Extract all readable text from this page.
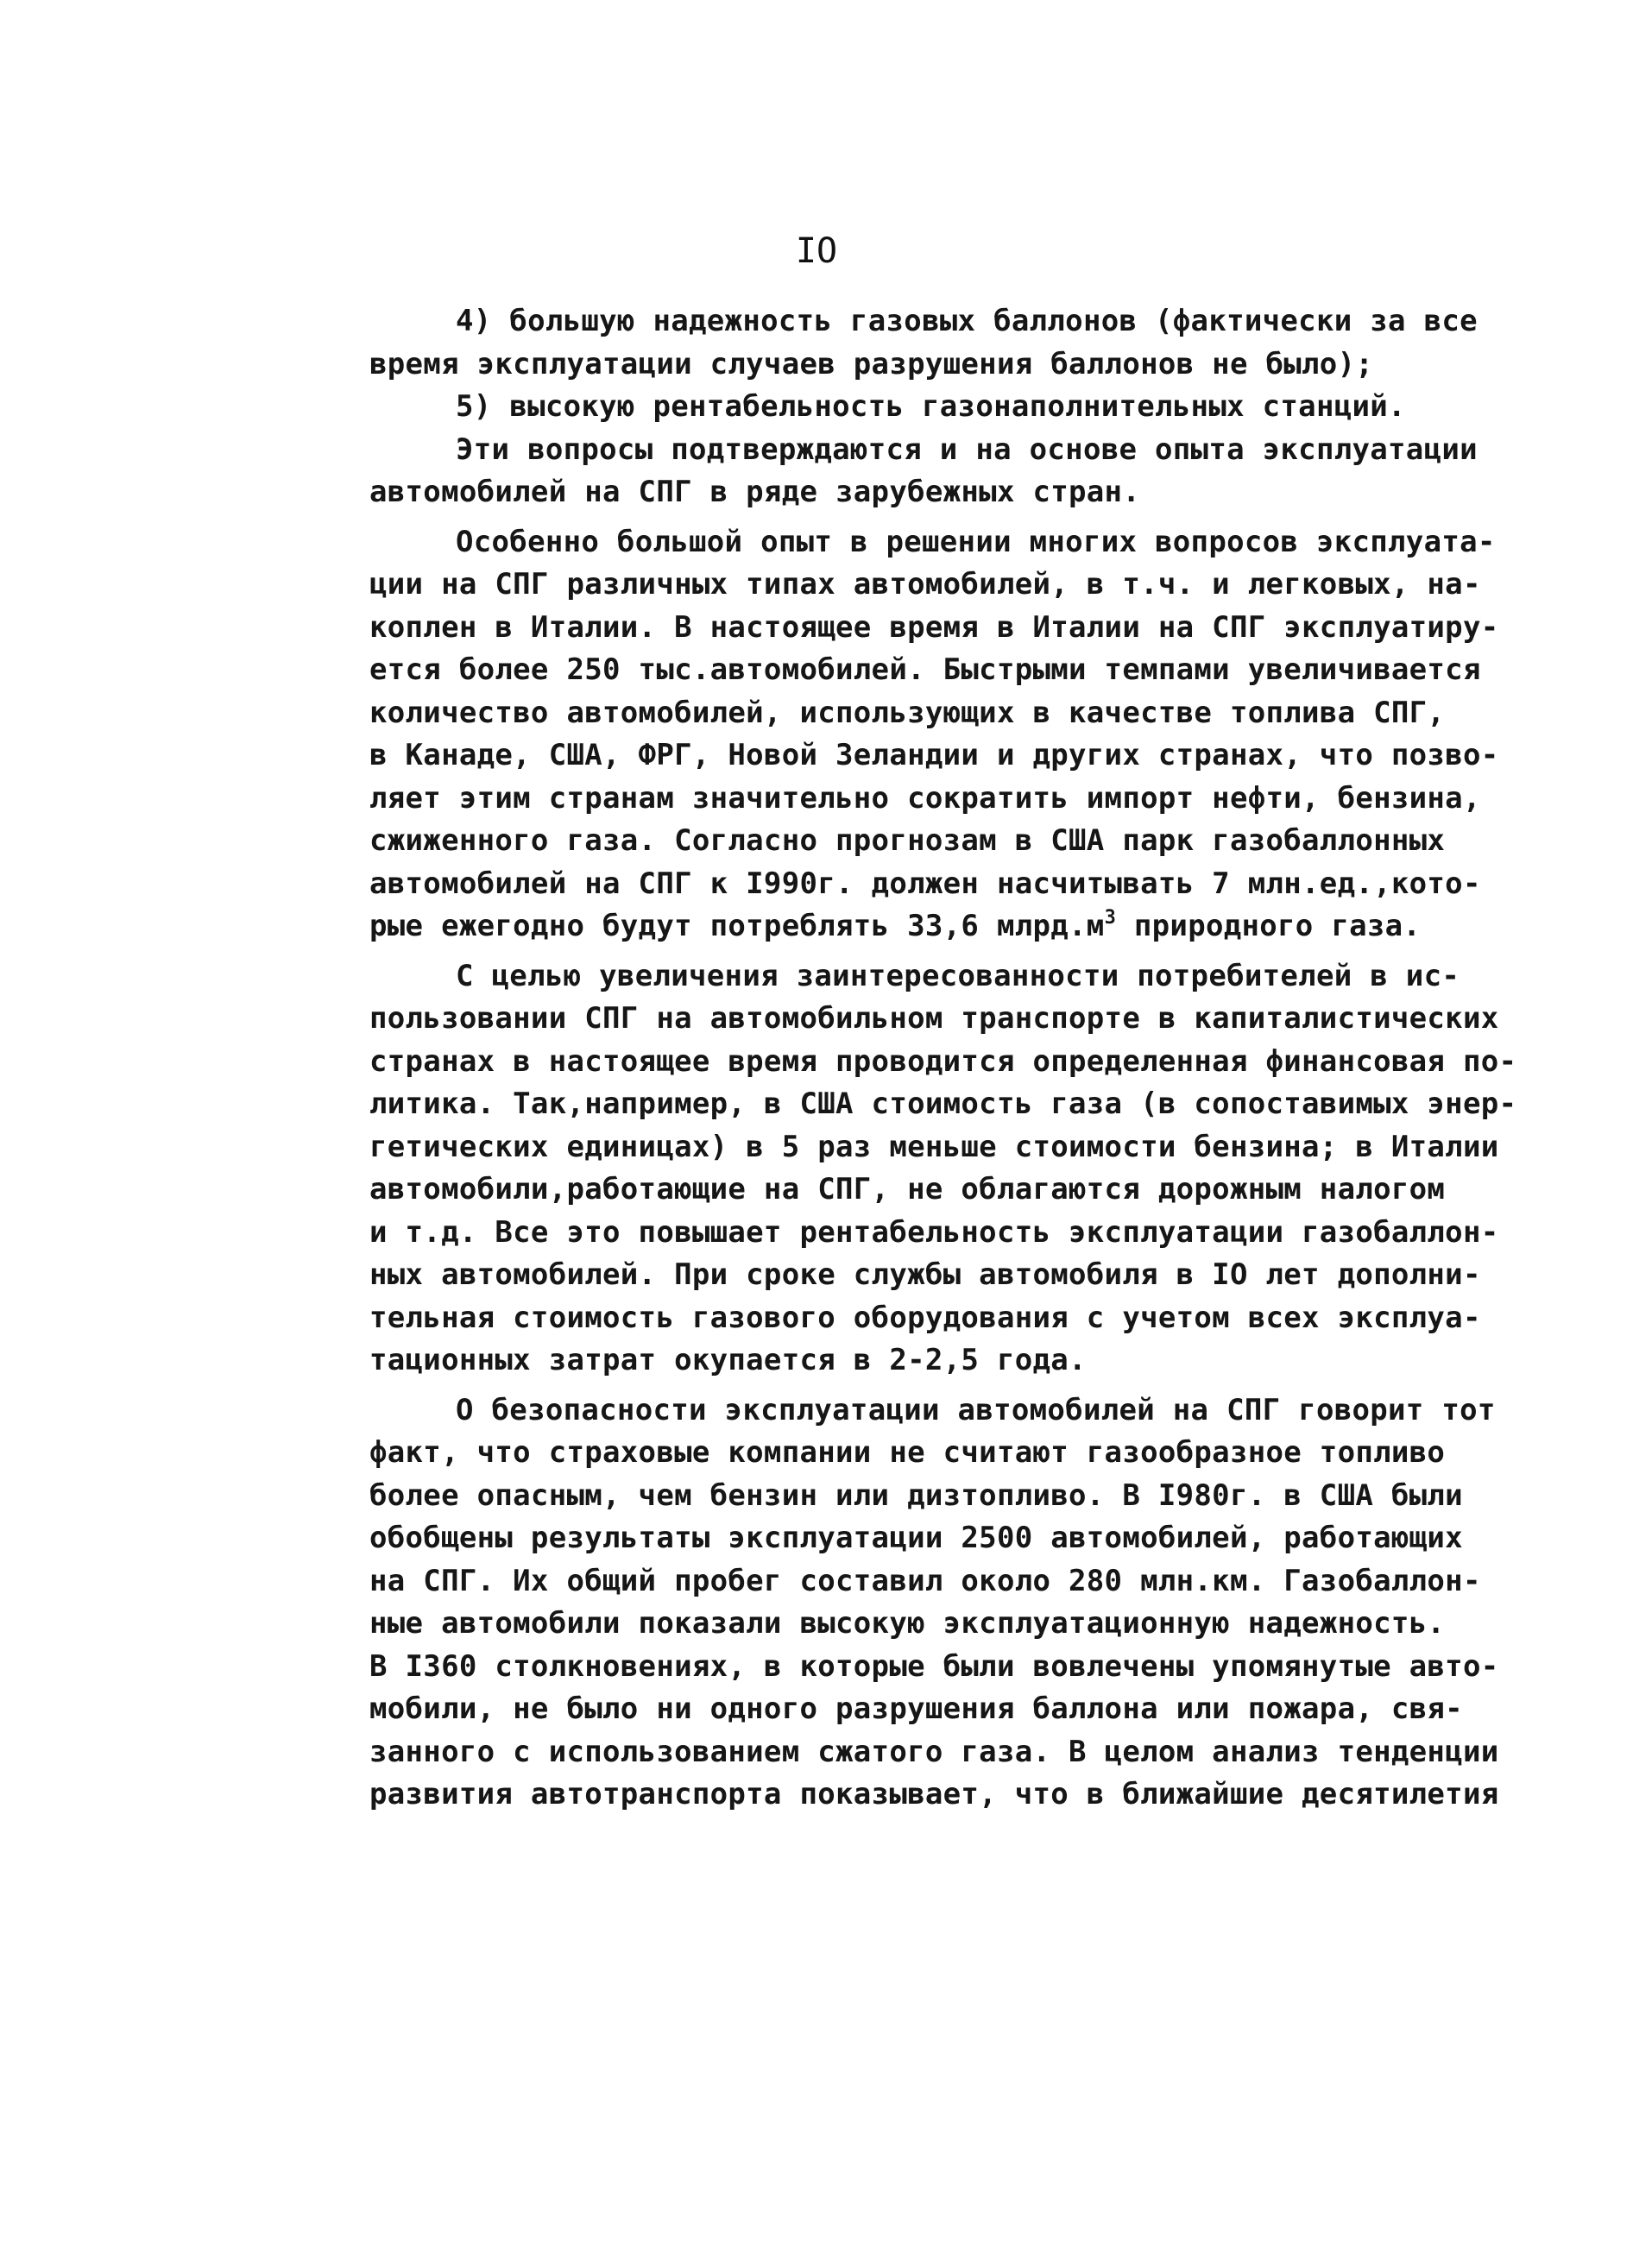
IO
4) большую надежность газовых баллонов (фактически за все
время эксплуатации случаев разрушения баллонов не было);
5) высокую рентабельность газонаполнительных станций.
Эти вопросы подтверждаются и на основе опыта эксплуатации
автомобилей на СПГ в ряде зарубежных стран.
Особенно большой опыт в решении многих вопросов эксплуата-
ции на СПГ различных типах автомобилей, в т.ч. и легковых, на-
коплен в Италии. В настоящее время в Италии на СПГ эксплуатиру-
ется более 250 тыс.автомобилей. Быстрыми темпами увеличивается
количество автомобилей, использующих в качестве топлива СПГ,
в Канаде, США, ФРГ, Новой Зеландии и других странах, что позво-
ляет этим странам значительно сократить импорт нефти, бензина,
сжиженного газа. Согласно прогнозам в США парк газобаллонных
автомобилей на СПГ к I990г. должен насчитывать 7 млн.ед.,кото-
рые ежегодно будут потреблять 33,6 $млрд.м^3$ природного газа.
С целью увеличения заинтересованности потребителей в ис-
пользовании СПГ на автомобильном транспорте в капиталистических
странах в настоящее время проводится определенная финансовая по-
литика. Так,например, в США стоимость газа (в сопоставимых энер-
гетических единицах) в 5 раз меньше стоимости бензина; в Италии
автомобили,работающие на СПГ, не облагаются дорожным налогом
и т.д. Все это повышает рентабельность эксплуатации газобаллон-
ных автомобилей. При сроке службы автомобиля в IO лет дополни-
тельная стоимость газового оборудования с учетом всех эксплуа-
тационных затрат окупается в 2-2,5 года.
О безопасности эксплуатации автомобилей на СПГ говорит тот
факт, что страховые компании не считают газообразное топливо
более опасным, чем бензин или дизтопливо. В I980г. в США были
обобщены результаты эксплуатации 2500 автомобилей, работающих
на СПГ. Их общий пробег составил около 280 млн.км. Газобаллон-
ные автомобили показали высокую эксплуатационную надежность.
В I360 столкновениях, в которые были вовлечены упомянутые авто-
мобили, не было ни одного разрушения баллона или пожара, свя-
занного с использованием сжатого газа. В целом анализ тенденции
развития автотранспорта показывает, что в ближайшие десятилетия
